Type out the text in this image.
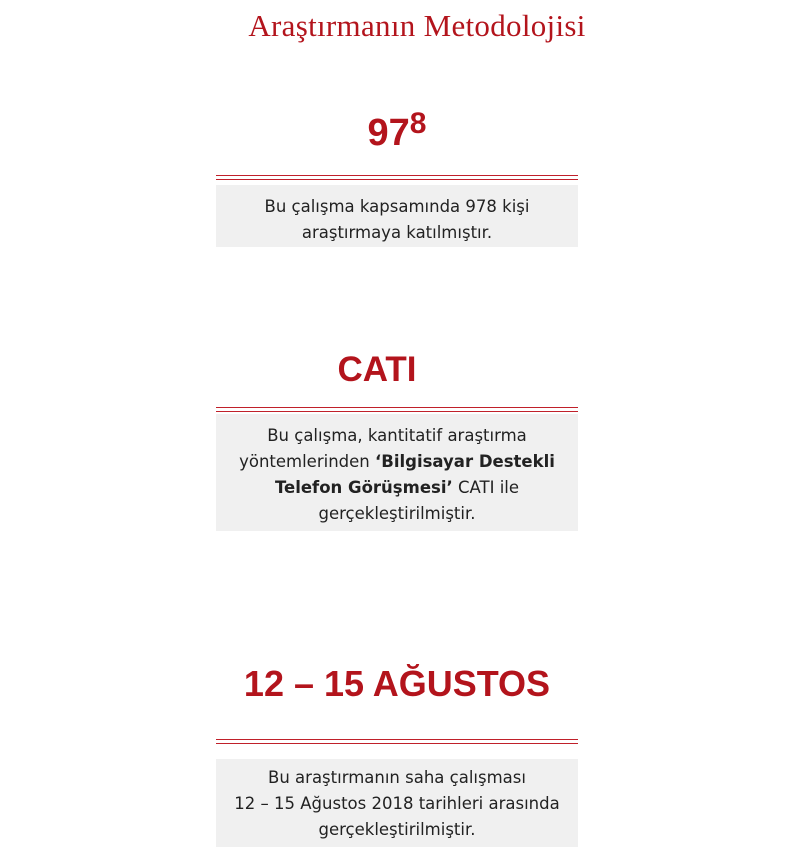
Araştırmanın Metodolojisi
$97^8$
Bu çalışma kapsamında 978 kişi araştırmaya katılmıştır.
CATI
Bu çalışma, kantitatif araştırma
yöntemlerinden ‘Bilgisayar Destekli Telefon Görüşmesi’ CATI ile gerçekleştirilmiştir.
12 – 15 AĞUSTOS
Bu araştırmanın saha çalışması
12 – 15 Ağustos 2018 tarihleri arasında
gerçekleştirilmiştir.
